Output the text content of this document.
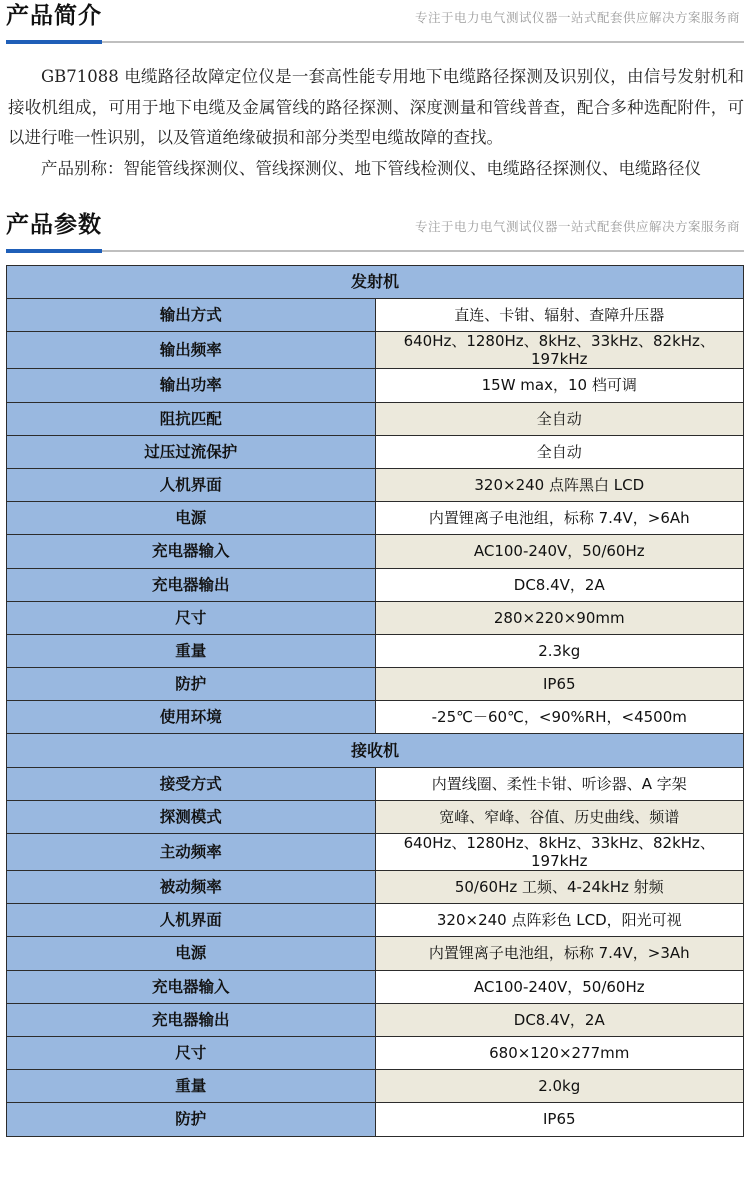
产品简介	专注于电力电气测试仪器一站式配套供应解决方案服务商

GB71088 电缆路径故障定位仪是一套高性能专用地下电缆路径探测及识别仪，由信号发射机和接收机组成，可用于地下电缆及金属管线的路径探测、深度测量和管线普查，配合多种选配附件，可以进行唯一性识别，以及管道绝缘破损和部分类型电缆故障的查找。

产品别称：智能管线探测仪、管线探测仪、地下管线检测仪、电缆路径探测仪、电缆路径仪

产品参数	专注于电力电气测试仪器一站式配套供应解决方案服务商
发射机	
输出方式	直连、卡钳、辐射、查障升压器
输出频率	640Hz、1280Hz、8kHz、33kHz、82kHz、197kHz
输出功率	15W max，10 档可调
阻抗匹配	全自动
过压过流保护	全自动
人机界面	320×240 点阵黑白 LCD
电源	内置锂离子电池组，标称 7.4V，>6Ah
充电器输入	AC100-240V，50/60Hz
充电器输出	DC8.4V，2A
尺寸	280×220×90mm
重量	2.3kg
防护	IP65
使用环境	-25℃－60℃，<90%RH，<4500m
接收机	
接受方式	内置线圈、柔性卡钳、听诊器、A 字架
探测模式	宽峰、窄峰、谷值、历史曲线、频谱
主动频率	640Hz、1280Hz、8kHz、33kHz、82kHz、197kHz
被动频率	50/60Hz 工频、4-24kHz 射频
人机界面	320×240 点阵彩色 LCD，阳光可视
电源	内置锂离子电池组，标称 7.4V，>3Ah
充电器输入	AC100-240V，50/60Hz
充电器输出	DC8.4V，2A
尺寸	680×120×277mm
重量	2.0kg
防护	IP65
